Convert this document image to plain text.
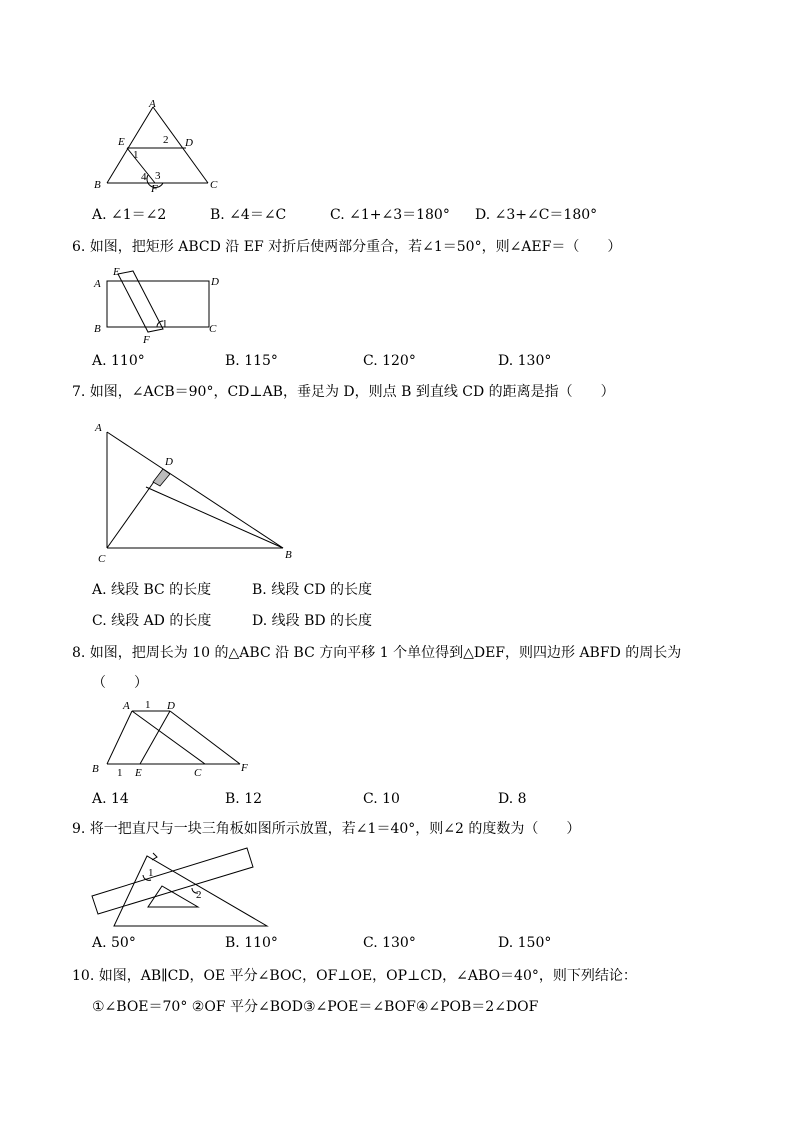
A
E	D
2
1
4 3
B	F	C
A. ∠1＝∠2	B. ∠4＝∠C	C. ∠1+∠3＝180° D. ∠3+∠C＝180°
6. 如图，把矩形 ABCD 沿 EF 对折后使两部分重合，若∠1＝50°，则∠AEF＝（　　）
E
A	D
B	C
F
1
A. 110°	B. 115°	C. 120°	D. 130°
7. 如图，∠ACB＝90°，CD⊥AB，垂足为 D，则点 B 到直线 CD 的距离是指（　　）
A
D
C	B
A. 线段 BC 的长度	B. 线段 CD 的长度
C. 线段 AD 的长度	D. 线段 BD 的长度
8. 如图，把周长为 10 的△ABC 沿 BC 方向平移 1 个单位得到△DEF，则四边形 ABFD 的周长为
（　　）
A 1 D
B 1 E	C	F
A. 14	B. 12	C. 10	D. 8
9. 将一把直尺与一块三角板如图所示放置，若∠1＝40°，则∠2 的度数为（　　）
1
2
A. 50°	B. 110°	C. 130°	D. 150°
10. 如图，AB∥CD，OE 平分∠BOC，OF⊥OE，OP⊥CD，∠ABO＝40°，则下列结论：
①∠BOE＝70° ②OF 平分∠BOD③∠POE＝∠BOF④∠POB＝2∠DOF
